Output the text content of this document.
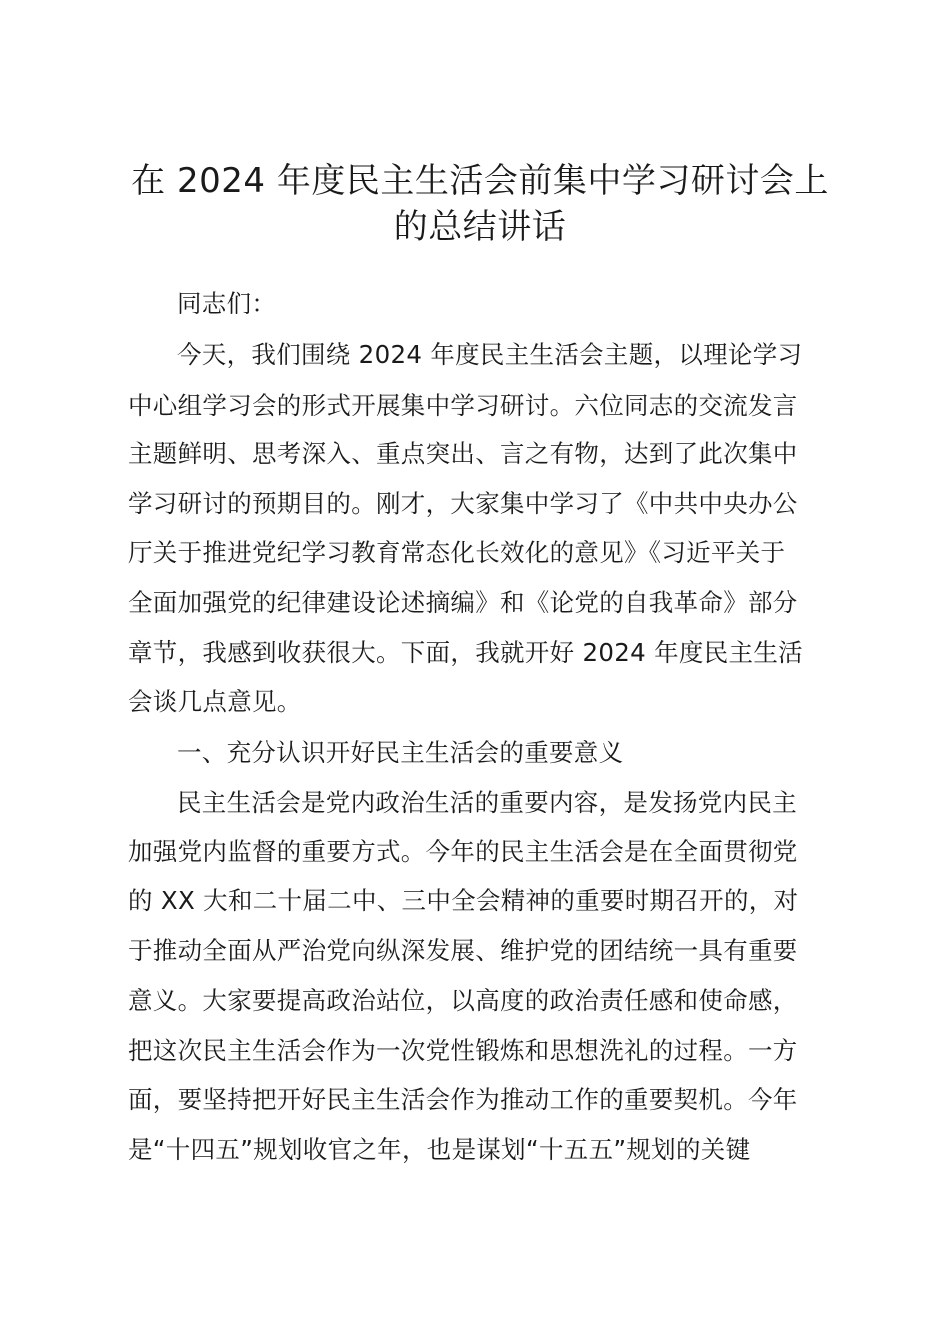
在 2024 年度民主生活会前集中学习研讨会上
的总结讲话

同志们：

今天，我们围绕 2024 年度民主生活会主题，以理论学习

中心组学习会的形式开展集中学习研讨。六位同志的交流发言

主题鲜明、思考深入、重点突出、言之有物，达到了此次集中

学习研讨的预期目的。刚才，大家集中学习了《中共中央办公

厅关于推进党纪学习教育常态化长效化的意见》《习近平关于

全面加强党的纪律建设论述摘编》和《论党的自我革命》部分

章节，我感到收获很大。下面，我就开好 2024 年度民主生活

会谈几点意见。

一、充分认识开好民主生活会的重要意义

民主生活会是党内政治生活的重要内容，是发扬党内民主

加强党内监督的重要方式。今年的民主生活会是在全面贯彻党

的 XX 大和二十届二中、三中全会精神的重要时期召开的，对

于推动全面从严治党向纵深发展、维护党的团结统一具有重要

意义。大家要提高政治站位，以高度的政治责任感和使命感，

把这次民主生活会作为一次党性锻炼和思想洗礼的过程。一方

面，要坚持把开好民主生活会作为推动工作的重要契机。今年

是“十四五”规划收官之年，也是谋划“十五五”规划的关键
